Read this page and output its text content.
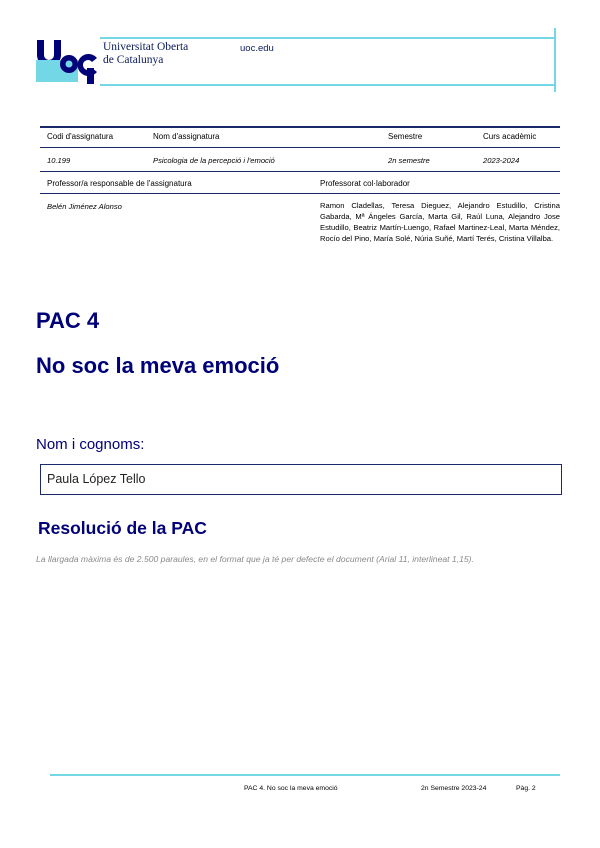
Universitat Oberta
de Catalunya
uoc.edu
Codi d'assignatura	Nom d'assignatura	Semestre	Curs acadèmic
10.199	Psicologia de la percepció i l'emoció	2n semestre	2023-2024
Professor/a responsable de l'assignatura	Professorat col·laborador
Belén Jiménez Alonso	Ramon Cladellas, Teresa Dieguez, Alejandro Estudillo, Cristina Gabarda, Mª Ángeles García, Marta Gil, Raúl Luna, Alejandro Jose Estudillo, Beatriz Martín-Luengo, Rafael Martinez-Leal, Marta Méndez, Rocío del Pino, María Solé, Núria Suñé, Martí Terés, Cristina Villalba.
PAC 4
No soc la meva emoció
Nom i cognoms:
Paula López Tello
Resolució de la PAC
La llargada màxima és de 2.500 paraules, en el format que ja té per defecte el document (Arial 11, interlineat 1,15).
PAC 4. No soc la meva emoció	2n Semestre 2023-24	Pàg. 2
